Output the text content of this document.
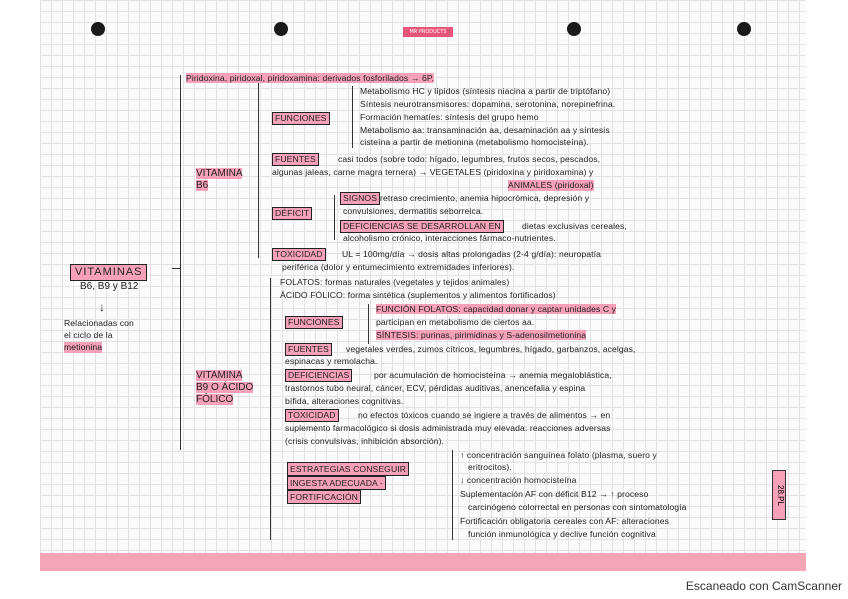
MR PRODUCTS
28.PL
VITAMINAS
B6, B9 y B12
↓
Relacionadas con
el ciclo de la
metionina
VITAMINA
B6
Piridoxina, piridoxal, piridoxamina: derivados fosforilados → 6P.
FUNCIONES
Metabolismo HC y lípidos (síntesis niacina a partir de triptófano)
Síntesis neurotransmisores: dopamina, serotonina, norepinefrina.
Formación hematíes: síntesis del grupo hemo
Metabolismo aa: transaminación aa, desaminación aa y síntesis
cisteína a partir de metionina (metabolismo homocisteína).
FUENTES	casi todos (sobre todo: hígado, legumbres, frutos secos, pescados,
algunas jaleas, carne magra ternera) → VEGETALES (piridoxina y piridoxamina) y
ANIMALES (piridoxal)
DÉFICIT
SIGNOS retraso crecimiento, anemia hipocrómica, depresión y
convulsiones, dermatitis seborreica.
DEFICIENCIAS SE DESARROLLAN EN	dietas exclusivas cereales,
alcoholismo crónico, interacciones fármaco-nutrientes.
TOXICIDAD	UL = 100mg/día → dosis altas prolongadas (2-4 g/día): neuropatía
periférica (dolor y entumecimiento extremidades inferiores).
VITAMINA
B9 O ÁCIDO
FÓLICO
FOLATOS: formas naturales (vegetales y tejidos animales)
ÁCIDO FÓLICO: forma sintética (suplementos y alimentos fortificados)
FUNCIONES
FUNCIÓN FOLATOS: capacidad donar y captar unidades C y
participan en metabolismo de ciertos aa.
SÍNTESIS: purinas, pirimidinas y S-adenosilmetionina
FUENTES	vegetales verdes, zumos cítricos, legumbres, hígado, garbanzos, acelgas,
espinacas y remolacha.
DEFICIENCIAS	por acumulación de homocisteína → anemia megaloblástica,
trastornos tubo neural, cáncer, ECV, pérdidas auditivas, anencefalia y espina
bífida, alteraciones cognitivas.
TOXICIDAD	no efectos tóxicos cuando se ingiere a través de alimentos → en
suplemento farmacológico si dosis administrada muy elevada: reacciones adversas
(crisis convulsivas, inhibición absorción).
ESTRATEGIAS CONSEGUIR
INGESTA ADECUADA -
FORTIFICACIÓN
↑ concentración sanguínea folato (plasma, suero y
eritrocitos).
↓ concentración homocisteína
Suplementación AF con déficit B12 → ↑ proceso
carcinógeno colorrectal en personas con sintomatología
Fortificación obligatoria cereales con AF: alteraciones
función inmunológica y declive función cognitiva
Escaneado con CamScanner
